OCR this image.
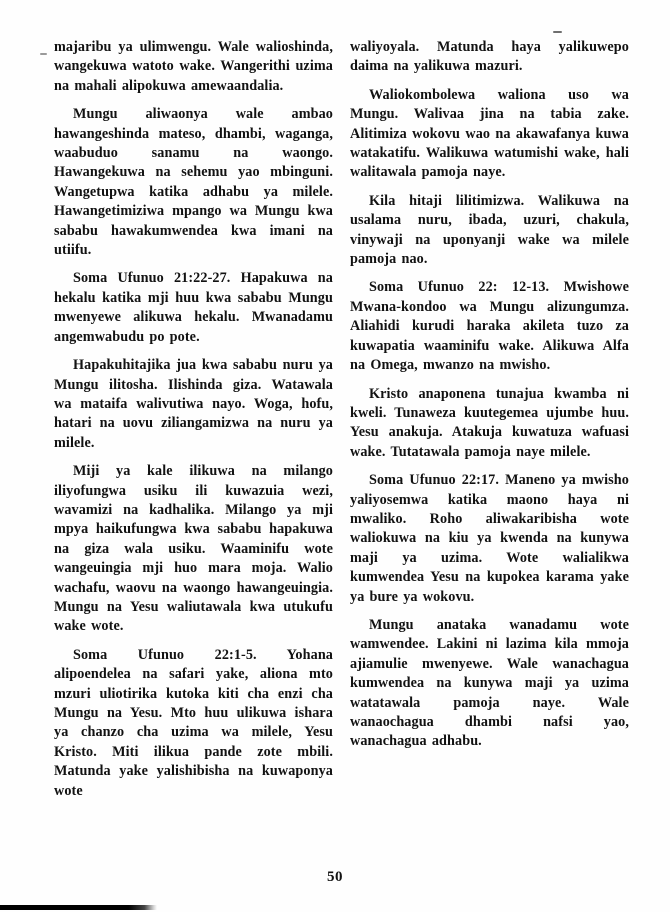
majaribu ya ulimwengu. Wale walioshinda, wangekuwa watoto wake. Wangerithi uzima na mahali alipokuwa amewaandalia.

Mungu aliwaonya wale ambao hawangeshinda mateso, dhambi, waganga, waabuduo sanamu na waongo. Hawangekuwa na sehemu yao mbinguni. Wangetupwa katika adhabu ya milele. Hawangetimiziwa mpango wa Mungu kwa sababu hawakumwendea kwa imani na utiifu.

Soma Ufunuo 21:22-27. Hapakuwa na hekalu katika mji huu kwa sababu Mungu mwenyewe alikuwa hekalu. Mwanadamu angemwabudu po pote.

Hapakuhitajika jua kwa sababu nuru ya Mungu ilitosha. Ilishinda giza. Watawala wa mataifa walivutiwa nayo. Woga, hofu, hatari na uovu ziliangamizwa na nuru ya milele.

Miji ya kale ilikuwa na milango iliyofungwa usiku ili kuwazuia wezi, wavamizi na kadhalika. Milango ya mji mpya haikufungwa kwa sababu hapakuwa na giza wala usiku. Waaminifu wote wangeuingia mji huo mara moja. Walio wachafu, waovu na waongo hawangeuingia. Mungu na Yesu waliutawala kwa utukufu wake wote.

Soma Ufunuo 22:1-5. Yohana alipoendelea na safari yake, aliona mto mzuri uliotirika kutoka kiti cha enzi cha Mungu na Yesu. Mto huu ulikuwa ishara ya chanzo cha uzima wa milele, Yesu Kristo. Miti ilikua pande zote mbili. Matunda yake yalishibisha na kuwaponya wote

waliyoyala. Matunda haya yalikuwepo daima na yalikuwa mazuri.

Waliokombolewa waliona uso wa Mungu. Walivaa jina na tabia zake. Alitimiza wokovu wao na akawafanya kuwa watakatifu. Walikuwa watumishi wake, hali walitawala pamoja naye.

Kila hitaji lilitimizwa. Walikuwa na usalama nuru, ibada, uzuri, chakula, vinywaji na uponyanji wake wa milele pamoja nao.

Soma Ufunuo 22: 12-13. Mwishowe Mwana-kondoo wa Mungu alizungumza. Aliahidi kurudi haraka akileta tuzo za kuwapatia waaminifu wake. Alikuwa Alfa na Omega, mwanzo na mwisho.

Kristo anaponena tunajua kwamba ni kweli. Tunaweza kuutegemea ujumbe huu. Yesu anakuja. Atakuja kuwatuza wafuasi wake. Tutatawala pamoja naye milele.

Soma Ufunuo 22:17. Maneno ya mwisho yaliyosemwa katika maono haya ni mwaliko. Roho aliwakaribisha wote waliokuwa na kiu ya kwenda na kunywa maji ya uzima. Wote walialikwa kumwendea Yesu na kupokea karama yake ya bure ya wokovu.

Mungu anataka wanadamu wote wamwendee. Lakini ni lazima kila mmoja ajiamulie mwenyewe. Wale wanachagua kumwendea na kunywa maji ya uzima watatawala pamoja naye. Wale wanaochagua dhambi nafsi yao, wanachagua adhabu.

50
